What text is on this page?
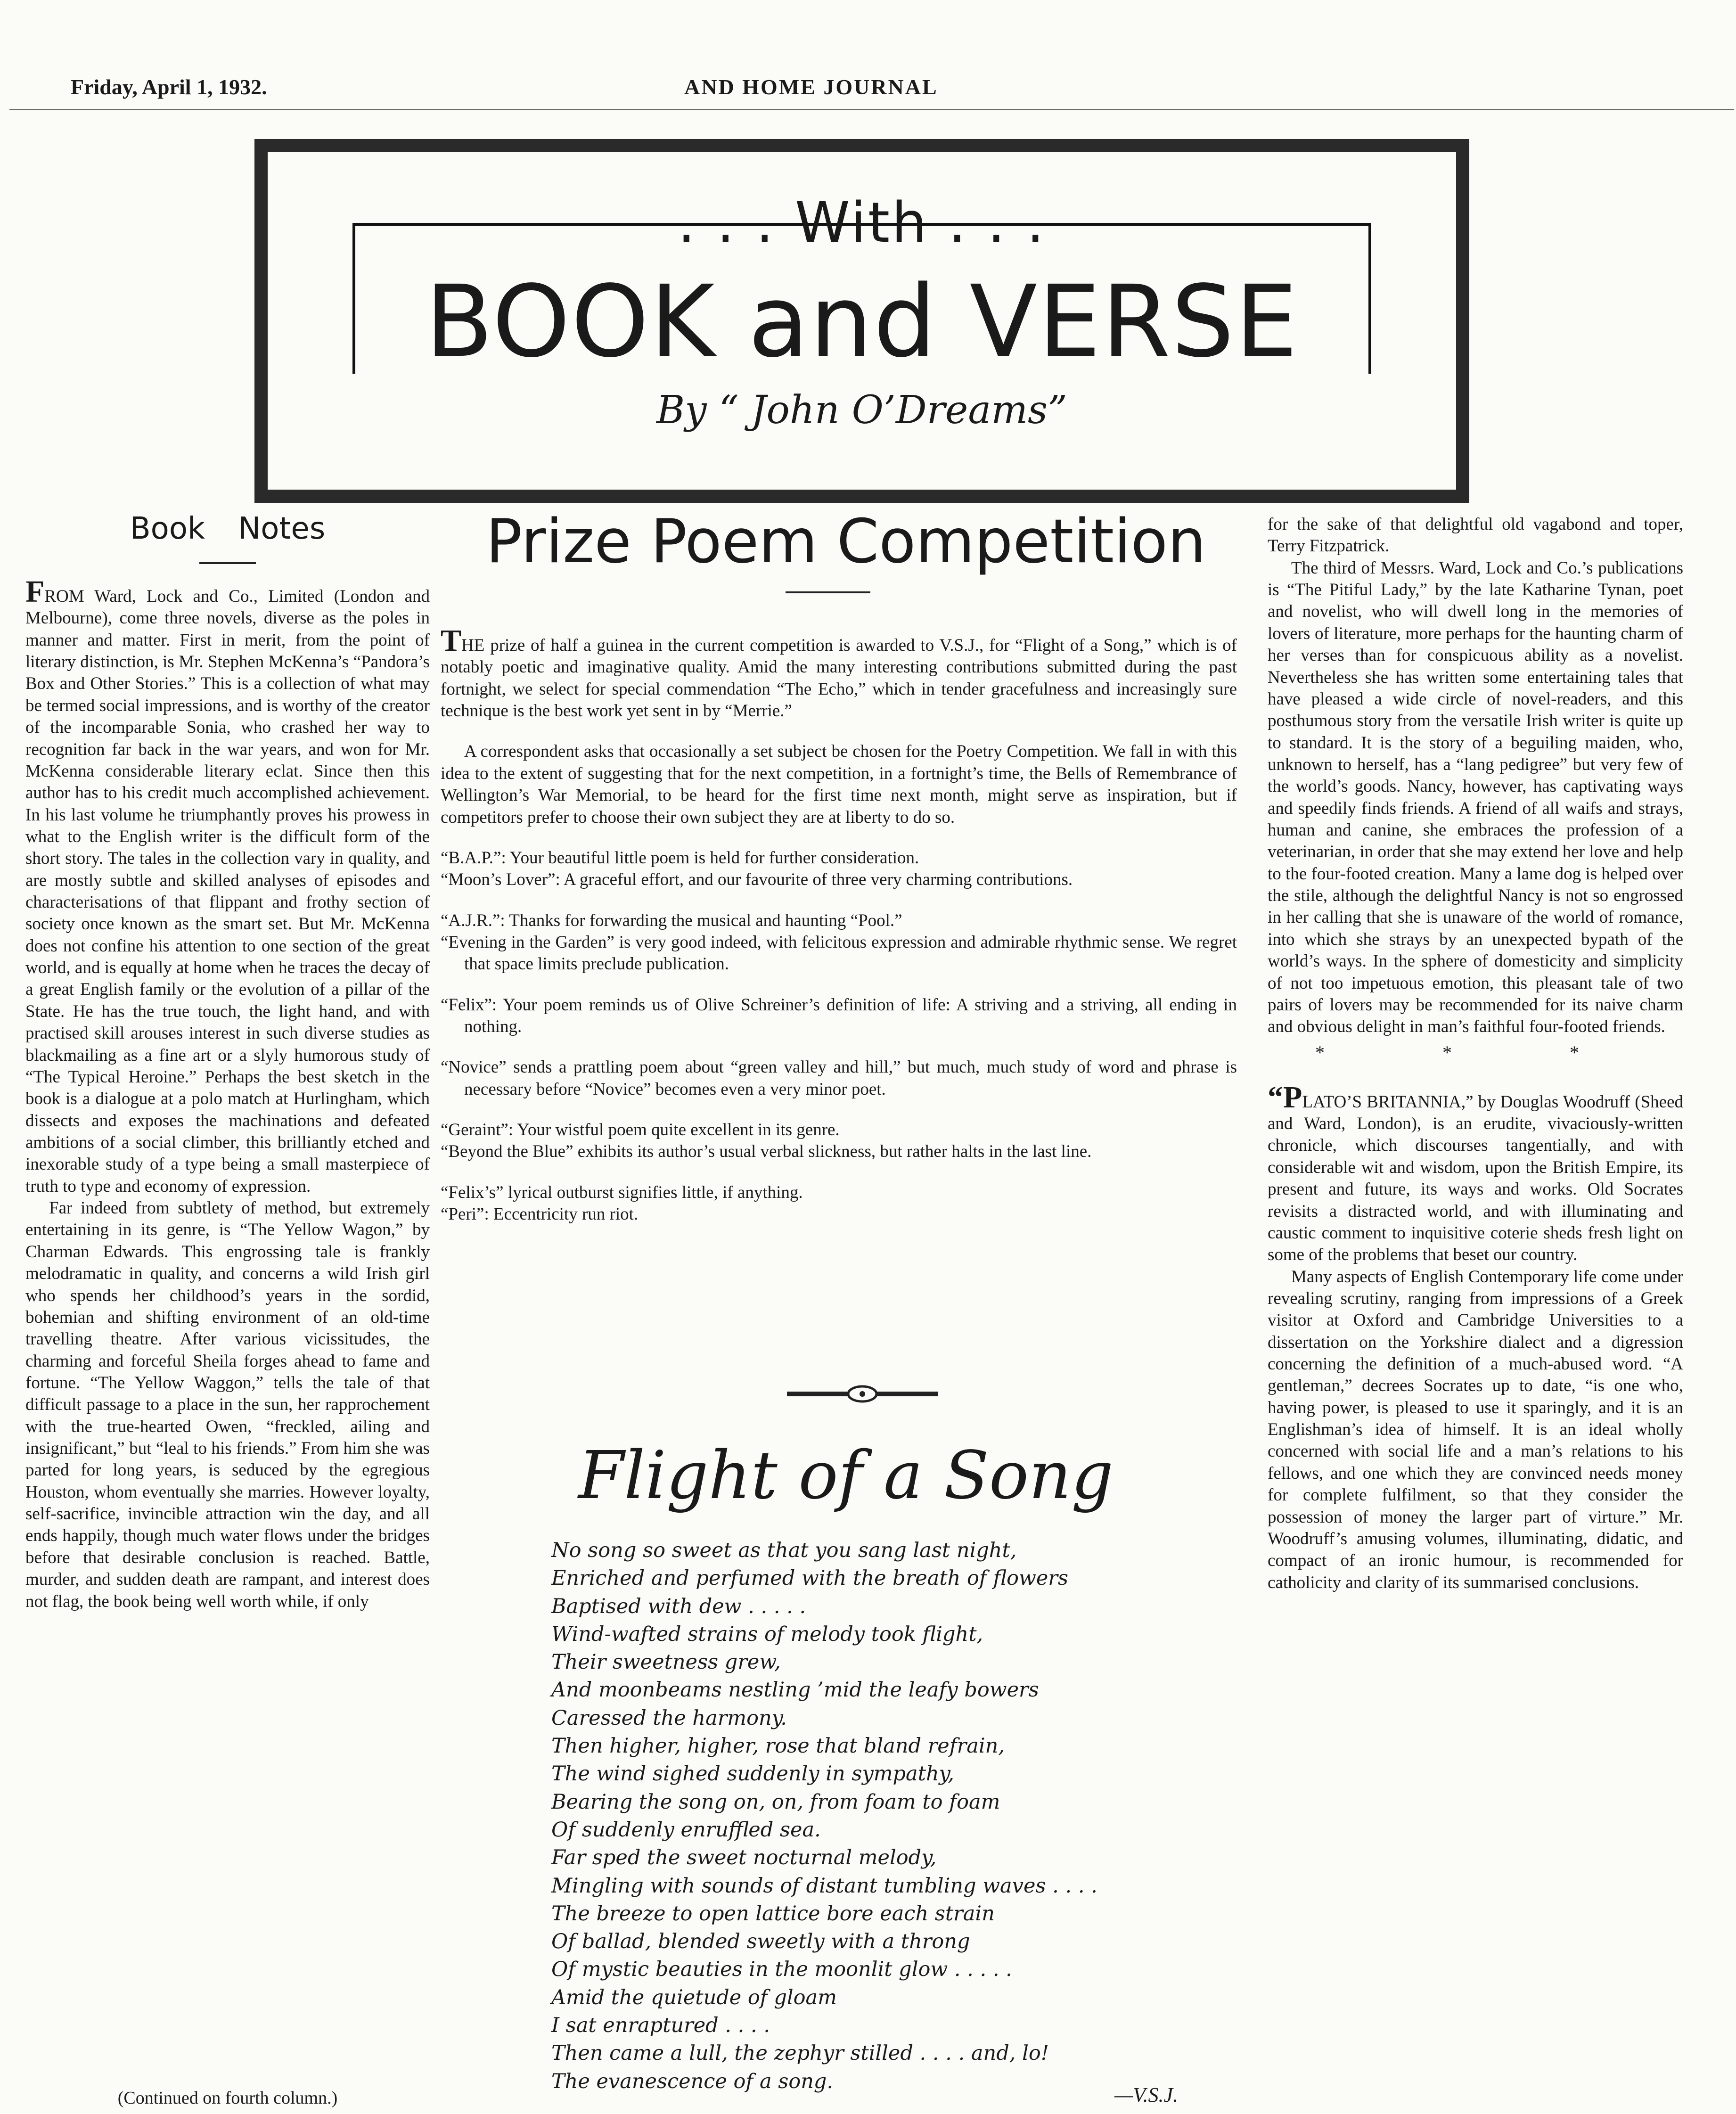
Friday, April 1, 1932.	AND HOME JOURNAL
. . . With . . .
BOOK and VERSE
By “ John O’Dreams”
Book Notes

FROM Ward, Lock and Co., Limited (London and Melbourne), come three novels, diverse as the poles in manner and matter. First in merit, from the point of literary distinction, is Mr. Stephen McKenna’s “Pandora’s Box and Other Stories.” This is a collection of what may be termed social impressions, and is worthy of the creator of the incomparable Sonia, who crashed her way to recognition far back in the war years, and won for Mr. McKenna considerable literary eclat. Since then this author has to his credit much accomplished achievement. In his last volume he triumphantly proves his prowess in what to the English writer is the difficult form of the short story. The tales in the collection vary in quality, and are mostly subtle and skilled analyses of episodes and characterisations of that flippant and frothy section of society once known as the smart set. But Mr. McKenna does not confine his attention to one section of the great world, and is equally at home when he traces the decay of a great English family or the evolution of a pillar of the State. He has the true touch, the light hand, and with practised skill arouses interest in such diverse studies as blackmailing as a fine art or a slyly humorous study of “The Typical Heroine.” Perhaps the best sketch in the book is a dialogue at a polo match at Hurlingham, which dissects and exposes the machinations and defeated ambitions of a social climber, this brilliantly etched and inexorable study of a type being a small masterpiece of truth to type and economy of expression.

Far indeed from subtlety of method, but extremely entertaining in its genre, is “The Yellow Wagon,” by Charman Edwards. This engrossing tale is frankly melodramatic in quality, and concerns a wild Irish girl who spends her childhood’s years in the sordid, bohemian and shifting environment of an old-time travelling theatre. After various vicissitudes, the charming and forceful Sheila forges ahead to fame and fortune. “The Yellow Waggon,” tells the tale of that difficult passage to a place in the sun, her rapprochement with the true-hearted Owen, “freckled, ailing and insignificant,” but “leal to his friends.” From him she was parted for long years, is seduced by the egregious Houston, whom eventually she marries. However loyalty, self-sacrifice, invincible attraction win the day, and all ends happily, though much water flows under the bridges before that desirable conclusion is reached. Battle, murder, and sudden death are rampant, and interest does not flag, the book being well worth while, if only

(Continued on fourth column.)
Prize Poem Competition

THE prize of half a guinea in the current competition is awarded to V.S.J., for “Flight of a Song,” which is of notably poetic and imaginative quality. Amid the many interesting contributions submitted during the past fortnight, we select for special commendation “The Echo,” which in tender gracefulness and increasingly sure technique is the best work yet sent in by “Merrie.”

A correspondent asks that occasionally a set subject be chosen for the Poetry Competition. We fall in with this idea to the extent of suggesting that for the next competition, in a fortnight’s time, the Bells of Remembrance of Wellington’s War Memorial, to be heard for the first time next month, might serve as inspiration, but if competitors prefer to choose their own subject they are at liberty to do so.

“B.A.P.”: Your beautiful little poem is held for further consideration.

“Moon’s Lover”: A graceful effort, and our favourite of three very charming contributions.

“A.J.R.”: Thanks for forwarding the musical and haunting “Pool.”

“Evening in the Garden” is very good indeed, with felicitous expression and admirable rhythmic sense. We regret that space limits preclude publication.

“Felix”: Your poem reminds us of Olive Schreiner’s definition of life: A striving and a striving, all ending in nothing.

“Novice” sends a prattling poem about “green valley and hill,” but much, much study of word and phrase is necessary before “Novice” becomes even a very minor poet.

“Geraint”: Your wistful poem quite excellent in its genre.

“Beyond the Blue” exhibits its author’s usual verbal slickness, but rather halts in the last line.

“Felix’s” lyrical outburst signifies little, if anything.

“Peri”: Eccentricity run riot.

Flight of a Song
No song so sweet as that you sang last night,
Enriched and perfumed with the breath of flowers
Baptised with dew . . . . .
Wind-wafted strains of melody took flight,
Their sweetness grew,
And moonbeams nestling ’mid the leafy bowers
Caressed the harmony.
Then higher, higher, rose that bland refrain,
The wind sighed suddenly in sympathy,
Bearing the song on, on, from foam to foam
Of suddenly enruffled sea.
Far sped the sweet nocturnal melody,
Mingling with sounds of distant tumbling waves . . . .
The breeze to open lattice bore each strain
Of ballad, blended sweetly with a throng
Of mystic beauties in the moonlit glow . . . . .
Amid the quietude of gloam
I sat enraptured . . . .
Then came a lull, the zephyr stilled . . . . and, lo!
The evanescence of a song.
—V.S.J.

for the sake of that delightful old vagabond and toper, Terry Fitzpatrick.

The third of Messrs. Ward, Lock and Co.’s publications is “The Pitiful Lady,” by the late Katharine Tynan, poet and novelist, who will dwell long in the memories of lovers of literature, more perhaps for the haunting charm of her verses than for conspicuous ability as a novelist. Nevertheless she has written some entertaining tales that have pleased a wide circle of novel-readers, and this posthumous story from the versatile Irish writer is quite up to standard. It is the story of a beguiling maiden, who, unknown to herself, has a “lang pedigree” but very few of the world’s goods. Nancy, however, has captivating ways and speedily finds friends. A friend of all waifs and strays, human and canine, she embraces the profession of a veterinarian, in order that she may extend her love and help to the four-footed creation. Many a lame dog is helped over the stile, although the delightful Nancy is not so engrossed in her calling that she is unaware of the world of romance, into which she strays by an unexpected bypath of the world’s ways. In the sphere of domesticity and simplicity of not too impetuous emotion, this pleasant tale of two pairs of lovers may be recommended for its naive charm and obvious delight in man’s faithful four-footed friends.

* * *

“PLATO’S BRITANNIA,” by Douglas Woodruff (Sheed and Ward, London), is an erudite, vivaciously-written chronicle, which discourses tangentially, and with considerable wit and wisdom, upon the British Empire, its present and future, its ways and works. Old Socrates revisits a distracted world, and with illuminating and caustic comment to inquisitive coterie sheds fresh light on some of the problems that beset our country.

Many aspects of English Contemporary life come under revealing scrutiny, ranging from impressions of a Greek visitor at Oxford and Cambridge Universities to a dissertation on the Yorkshire dialect and a digression concerning the definition of a much-abused word. “A gentleman,” decrees Socrates up to date, “is one who, having power, is pleased to use it sparingly, and it is an Englishman’s idea of himself. It is an ideal wholly concerned with social life and a man’s relations to his fellows, and one which they are convinced needs money for complete fulfilment, so that they consider the possession of money the larger part of virture.” Mr. Woodruff’s amusing volumes, illuminating, didatic, and compact of an ironic humour, is recommended for catholicity and clarity of its summarised conclusions.
